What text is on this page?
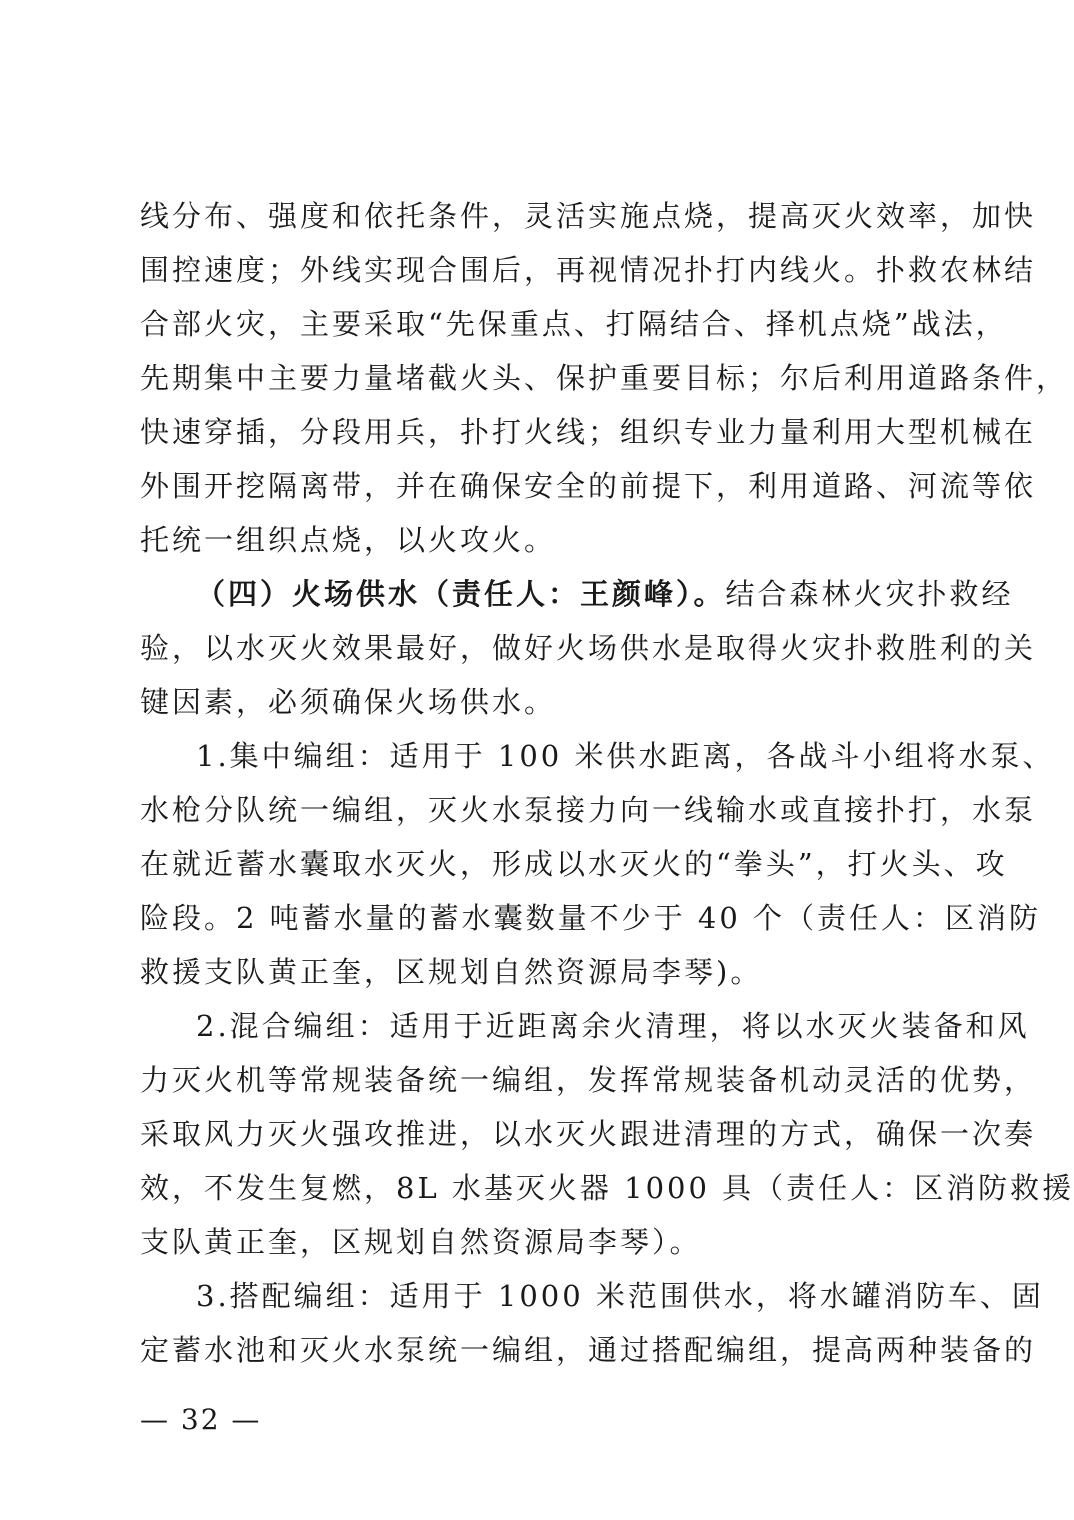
线分布、强度和依托条件，灵活实施点烧，提高灭火效率，加快
围控速度；外线实现合围后，再视情况扑打内线火。扑救农林结
合部火灾，主要采取“先保重点、打隔结合、择机点烧”战法，
先期集中主要力量堵截火头、保护重要目标；尔后利用道路条件，
快速穿插，分段用兵，扑打火线；组织专业力量利用大型机械在
外围开挖隔离带，并在确保安全的前提下，利用道路、河流等依
托统一组织点烧，以火攻火。
（四）火场供水（责任人：王颜峰）。结合森林火灾扑救经
验，以水灭火效果最好，做好火场供水是取得火灾扑救胜利的关
键因素，必须确保火场供水。
1.集中编组：适用于 100 米供水距离，各战斗小组将水泵、
水枪分队统一编组，灭火水泵接力向一线输水或直接扑打，水泵
在就近蓄水囊取水灭火，形成以水灭火的“拳头”，打火头、攻
险段。2 吨蓄水量的蓄水囊数量不少于 40 个（责任人：区消防
救援支队黄正奎，区规划自然资源局李琴)。
2.混合编组：适用于近距离余火清理，将以水灭火装备和风
力灭火机等常规装备统一编组，发挥常规装备机动灵活的优势，
采取风力灭火强攻推进，以水灭火跟进清理的方式，确保一次奏
效，不发生复燃，8L 水基灭火器 1000 具（责任人：区消防救援
支队黄正奎，区规划自然资源局李琴）。
3.搭配编组：适用于 1000 米范围供水，将水罐消防车、固
定蓄水池和灭火水泵统一编组，通过搭配编组，提高两种装备的
— 32 —
